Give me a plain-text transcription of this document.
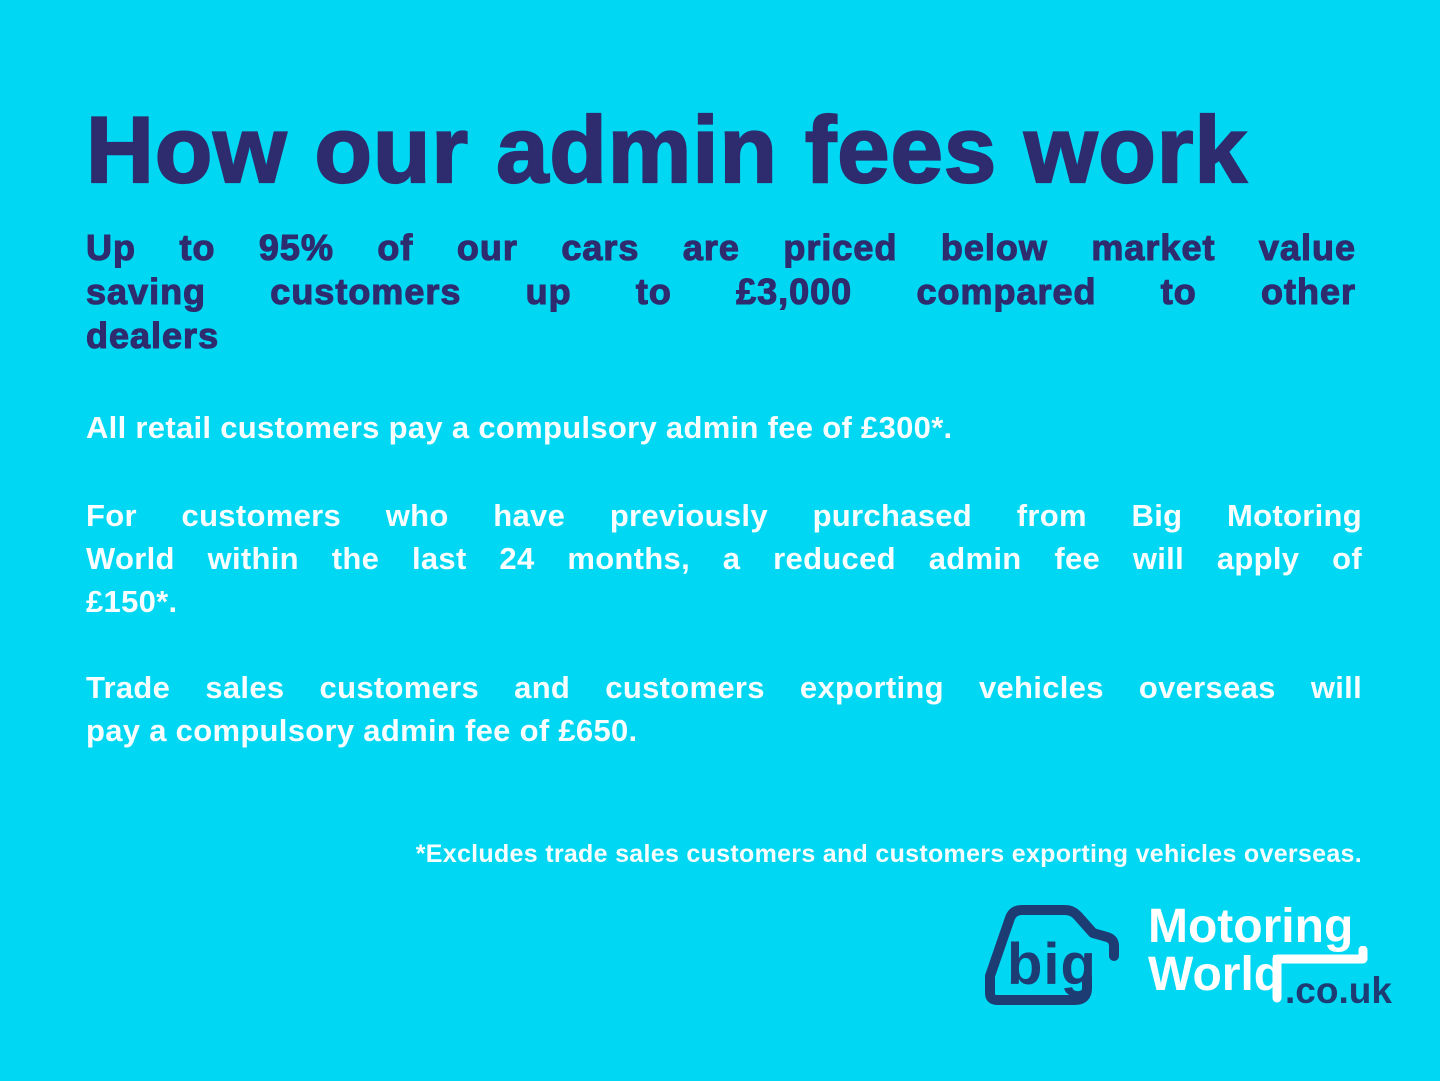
How our admin fees work
Up to 95% of our cars are priced below market value
saving customers up to £3,000 compared to other
dealers

All retail customers pay a compulsory admin fee of £300*.

For customers who have previously purchased from Big Motoring
World within the last 24 months, a reduced admin fee will apply of
£150*.

Trade sales customers and customers exporting vehicles overseas will
pay a compulsory admin fee of £650.

*Excludes trade sales customers and customers exporting vehicles overseas.
big
Motoring
World .co.uk
